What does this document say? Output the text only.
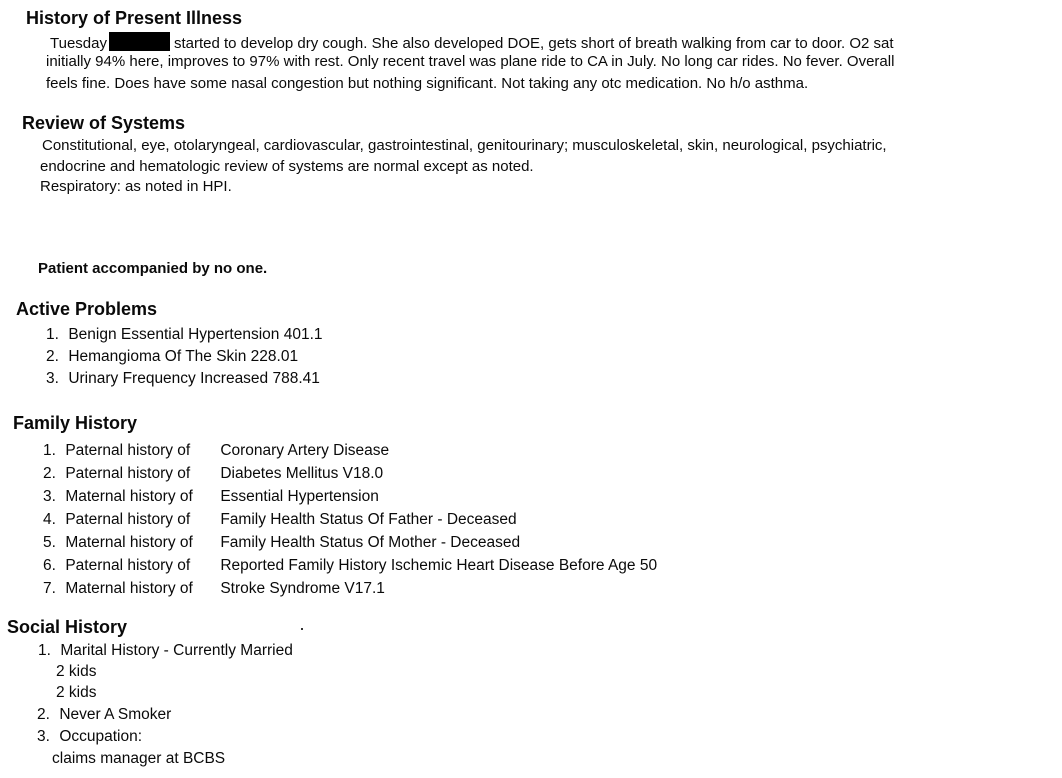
History of Present Illness
Tuesday	started to develop dry cough. She also developed DOE, gets short of breath walking from car to door. O2 sat
initially 94% here, improves to 97% with rest. Only recent travel was plane ride to CA in July. No long car rides. No fever. Overall
feels fine. Does have some nasal congestion but nothing significant. Not taking any otc medication. No h/o asthma.
Review of Systems
Constitutional, eye, otolaryngeal, cardiovascular, gastrointestinal, genitourinary; musculoskeletal, skin, neurological, psychiatric,
endocrine and hematologic review of systems are normal except as noted.
Respiratory: as noted in HPI.
Patient accompanied by no one.
Active Problems
1. Benign Essential Hypertension 401.1
2. Hemangioma Of The Skin 228.01
3. Urinary Frequency Increased 788.41
Family History
1. Paternal history of Coronary Artery Disease
2. Paternal history of Diabetes Mellitus V18.0
3. Maternal history of Essential Hypertension
4. Paternal history of Family Health Status Of Father - Deceased
5. Maternal history of Family Health Status Of Mother - Deceased
6. Paternal history of Reported Family History Ischemic Heart Disease Before Age 50
7. Maternal history of Stroke Syndrome V17.1
Social History
1. Marital History - Currently Married
2 kids
2 kids
2. Never A Smoker
3. Occupation:
claims manager at BCBS
